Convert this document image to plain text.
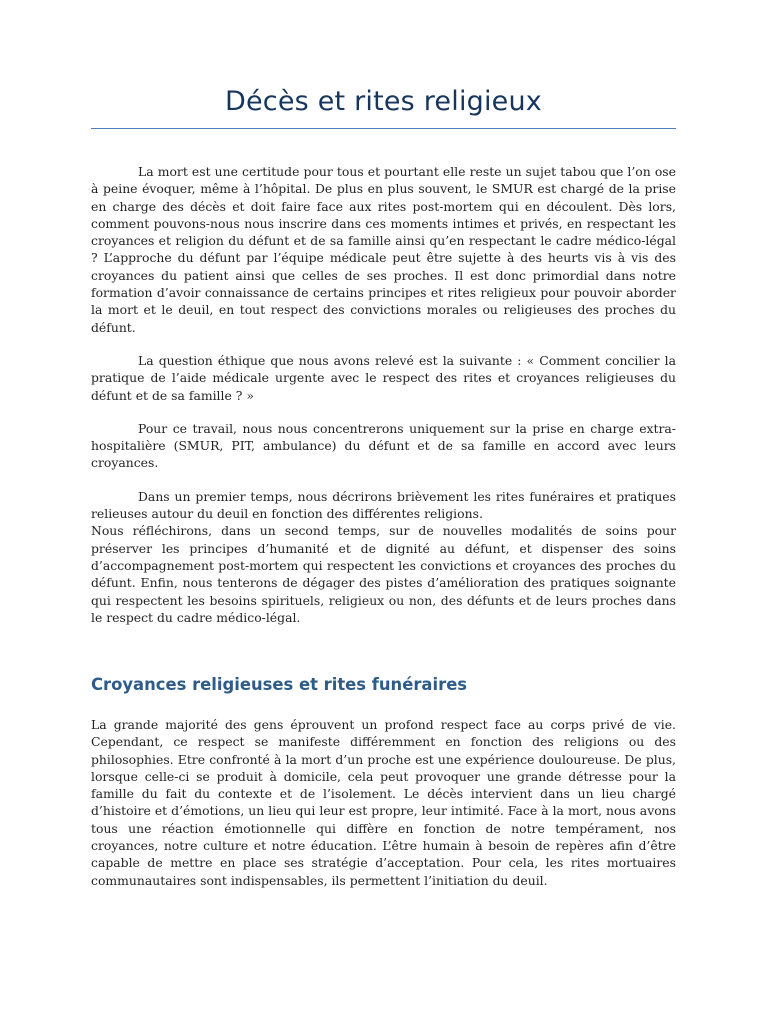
Décès et rites religieux

La mort est une certitude pour tous et pourtant elle reste un sujet tabou que l’on ose à peine évoquer, même à l’hôpital. De plus en plus souvent, le SMUR est chargé de la prise en charge des décès et doit faire face aux rites post-mortem qui en découlent. Dès lors, comment pouvons-nous nous inscrire dans ces moments intimes et privés, en respectant les croyances et religion du défunt et de sa famille ainsi qu’en respectant le cadre médico-légal ? L’approche du défunt par l’équipe médicale peut être sujette à des heurts vis à vis des croyances du patient ainsi que celles de ses proches. Il est donc primordial dans notre formation d’avoir connaissance de certains principes et rites religieux pour pouvoir aborder la mort et le deuil, en tout respect des convictions morales ou religieuses des proches du défunt.

La question éthique que nous avons relevé est la suivante : « Comment concilier la pratique de l’aide médicale urgente avec le respect des rites et croyances religieuses du défunt et de sa famille ? »

Pour ce travail, nous nous concentrerons uniquement sur la prise en charge extra-hospitalière (SMUR, PIT, ambulance) du défunt et de sa famille en accord avec leurs croyances.

Dans un premier temps, nous décrirons brièvement les rites funéraires et pratiques relieuses autour du deuil en fonction des différentes religions.

Nous réfléchirons, dans un second temps, sur de nouvelles modalités de soins pour préserver les principes d’humanité et de dignité au défunt, et dispenser des soins d’accompagnement post-mortem qui respectent les convictions et croyances des proches du défunt. Enfin, nous tenterons de dégager des pistes d’amélioration des pratiques soignante qui respectent les besoins spirituels, religieux ou non, des défunts et de leurs proches dans le respect du cadre médico-légal.

Croyances religieuses et rites funéraires

La grande majorité des gens éprouvent un profond respect face au corps privé de vie. Cependant, ce respect se manifeste différemment en fonction des religions ou des philosophies. Etre confronté à la mort d’un proche est une expérience douloureuse. De plus, lorsque celle-ci se produit à domicile, cela peut provoquer une grande détresse pour la famille du fait du contexte et de l’isolement. Le décès intervient dans un lieu chargé d’histoire et d’émotions, un lieu qui leur est propre, leur intimité. Face à la mort, nous avons tous une réaction émotionnelle qui diffère en fonction de notre tempérament, nos croyances, notre culture et notre éducation. L’être humain à besoin de repères afin d’être capable de mettre en place ses stratégie d’acceptation. Pour cela, les rites mortuaires communautaires sont indispensables, ils permettent l’initiation du deuil.
